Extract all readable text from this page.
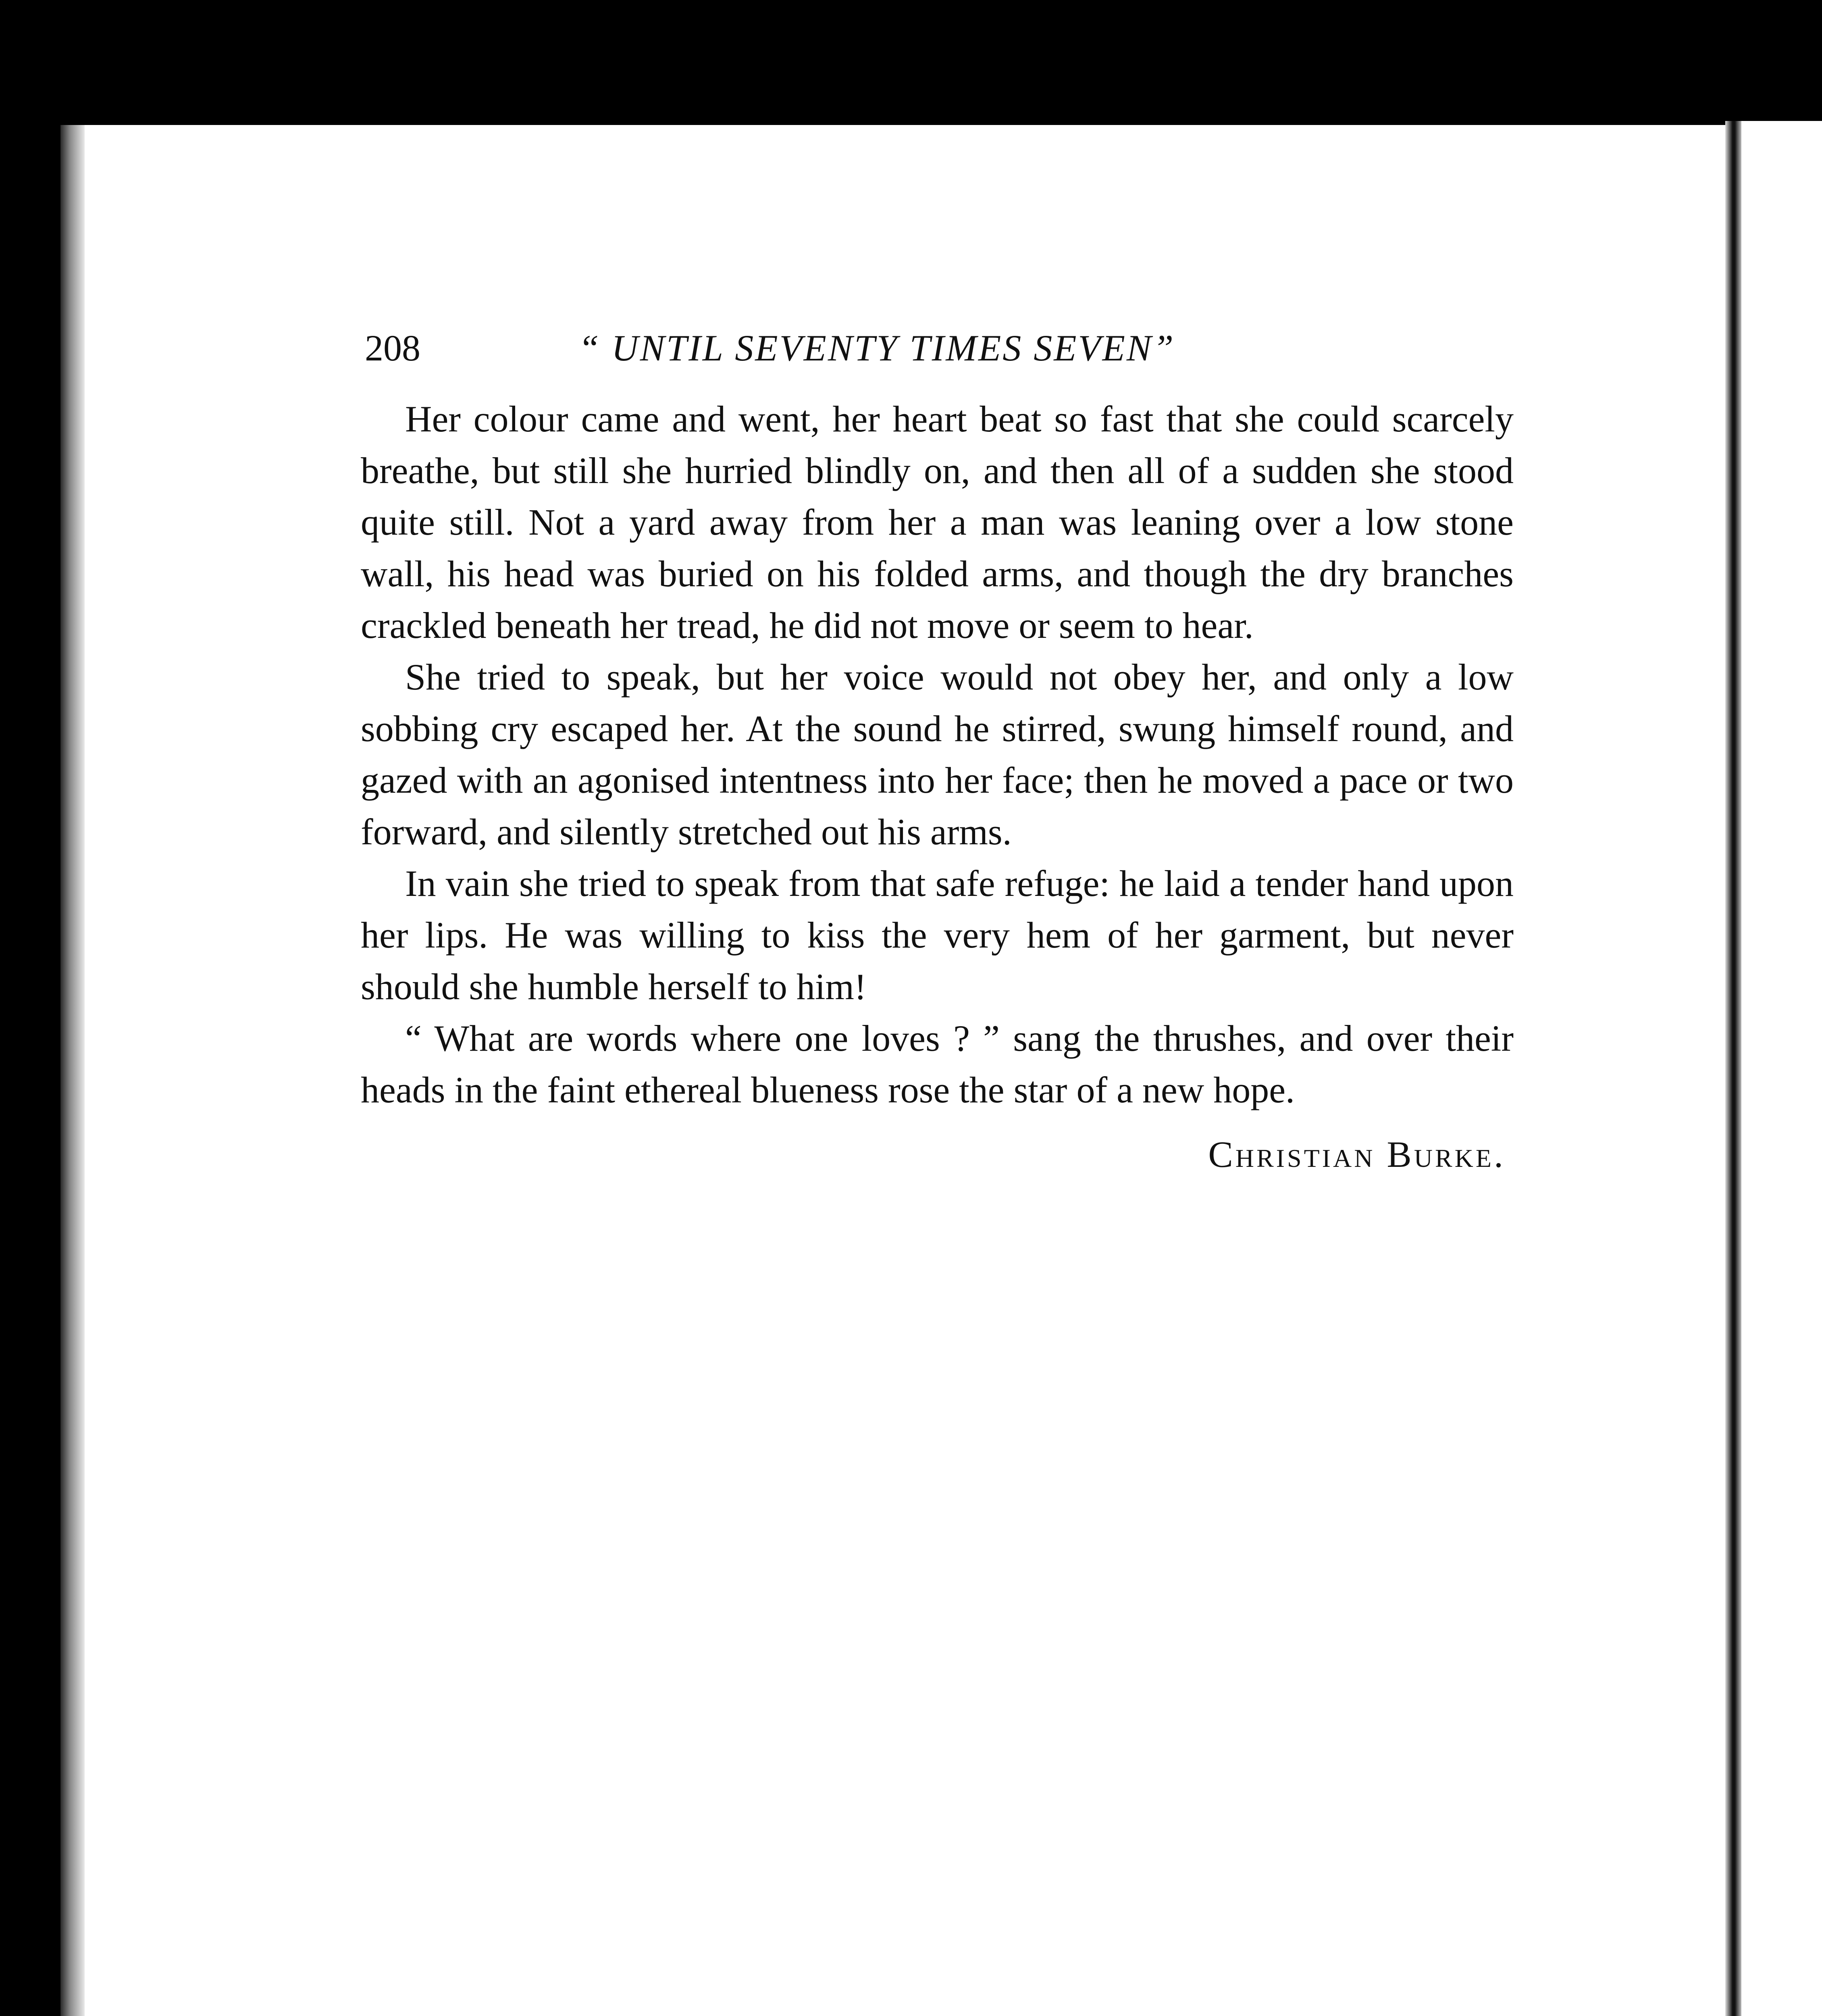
208	“ UNTIL SEVENTY TIMES SEVEN”

Her colour came and went, her heart beat so fast that she could scarcely breathe, but still she hurried blindly on, and then all of a sudden she stood quite still. Not a yard away from her a man was leaning over a low stone wall, his head was buried on his folded arms, and though the dry branches crackled beneath her tread, he did not move or seem to hear.

She tried to speak, but her voice would not obey her, and only a low sobbing cry escaped her. At the sound he stirred, swung himself round, and gazed with an agonised intentness into her face; then he moved a pace or two forward, and silently stretched out his arms.

In vain she tried to speak from that safe refuge: he laid a tender hand upon her lips. He was willing to kiss the very hem of her garment, but never should she humble herself to him!

“ What are words where one loves ? ” sang the thrushes, and over their heads in the faint ethereal blueness rose the star of a new hope.

Christian Burke.
